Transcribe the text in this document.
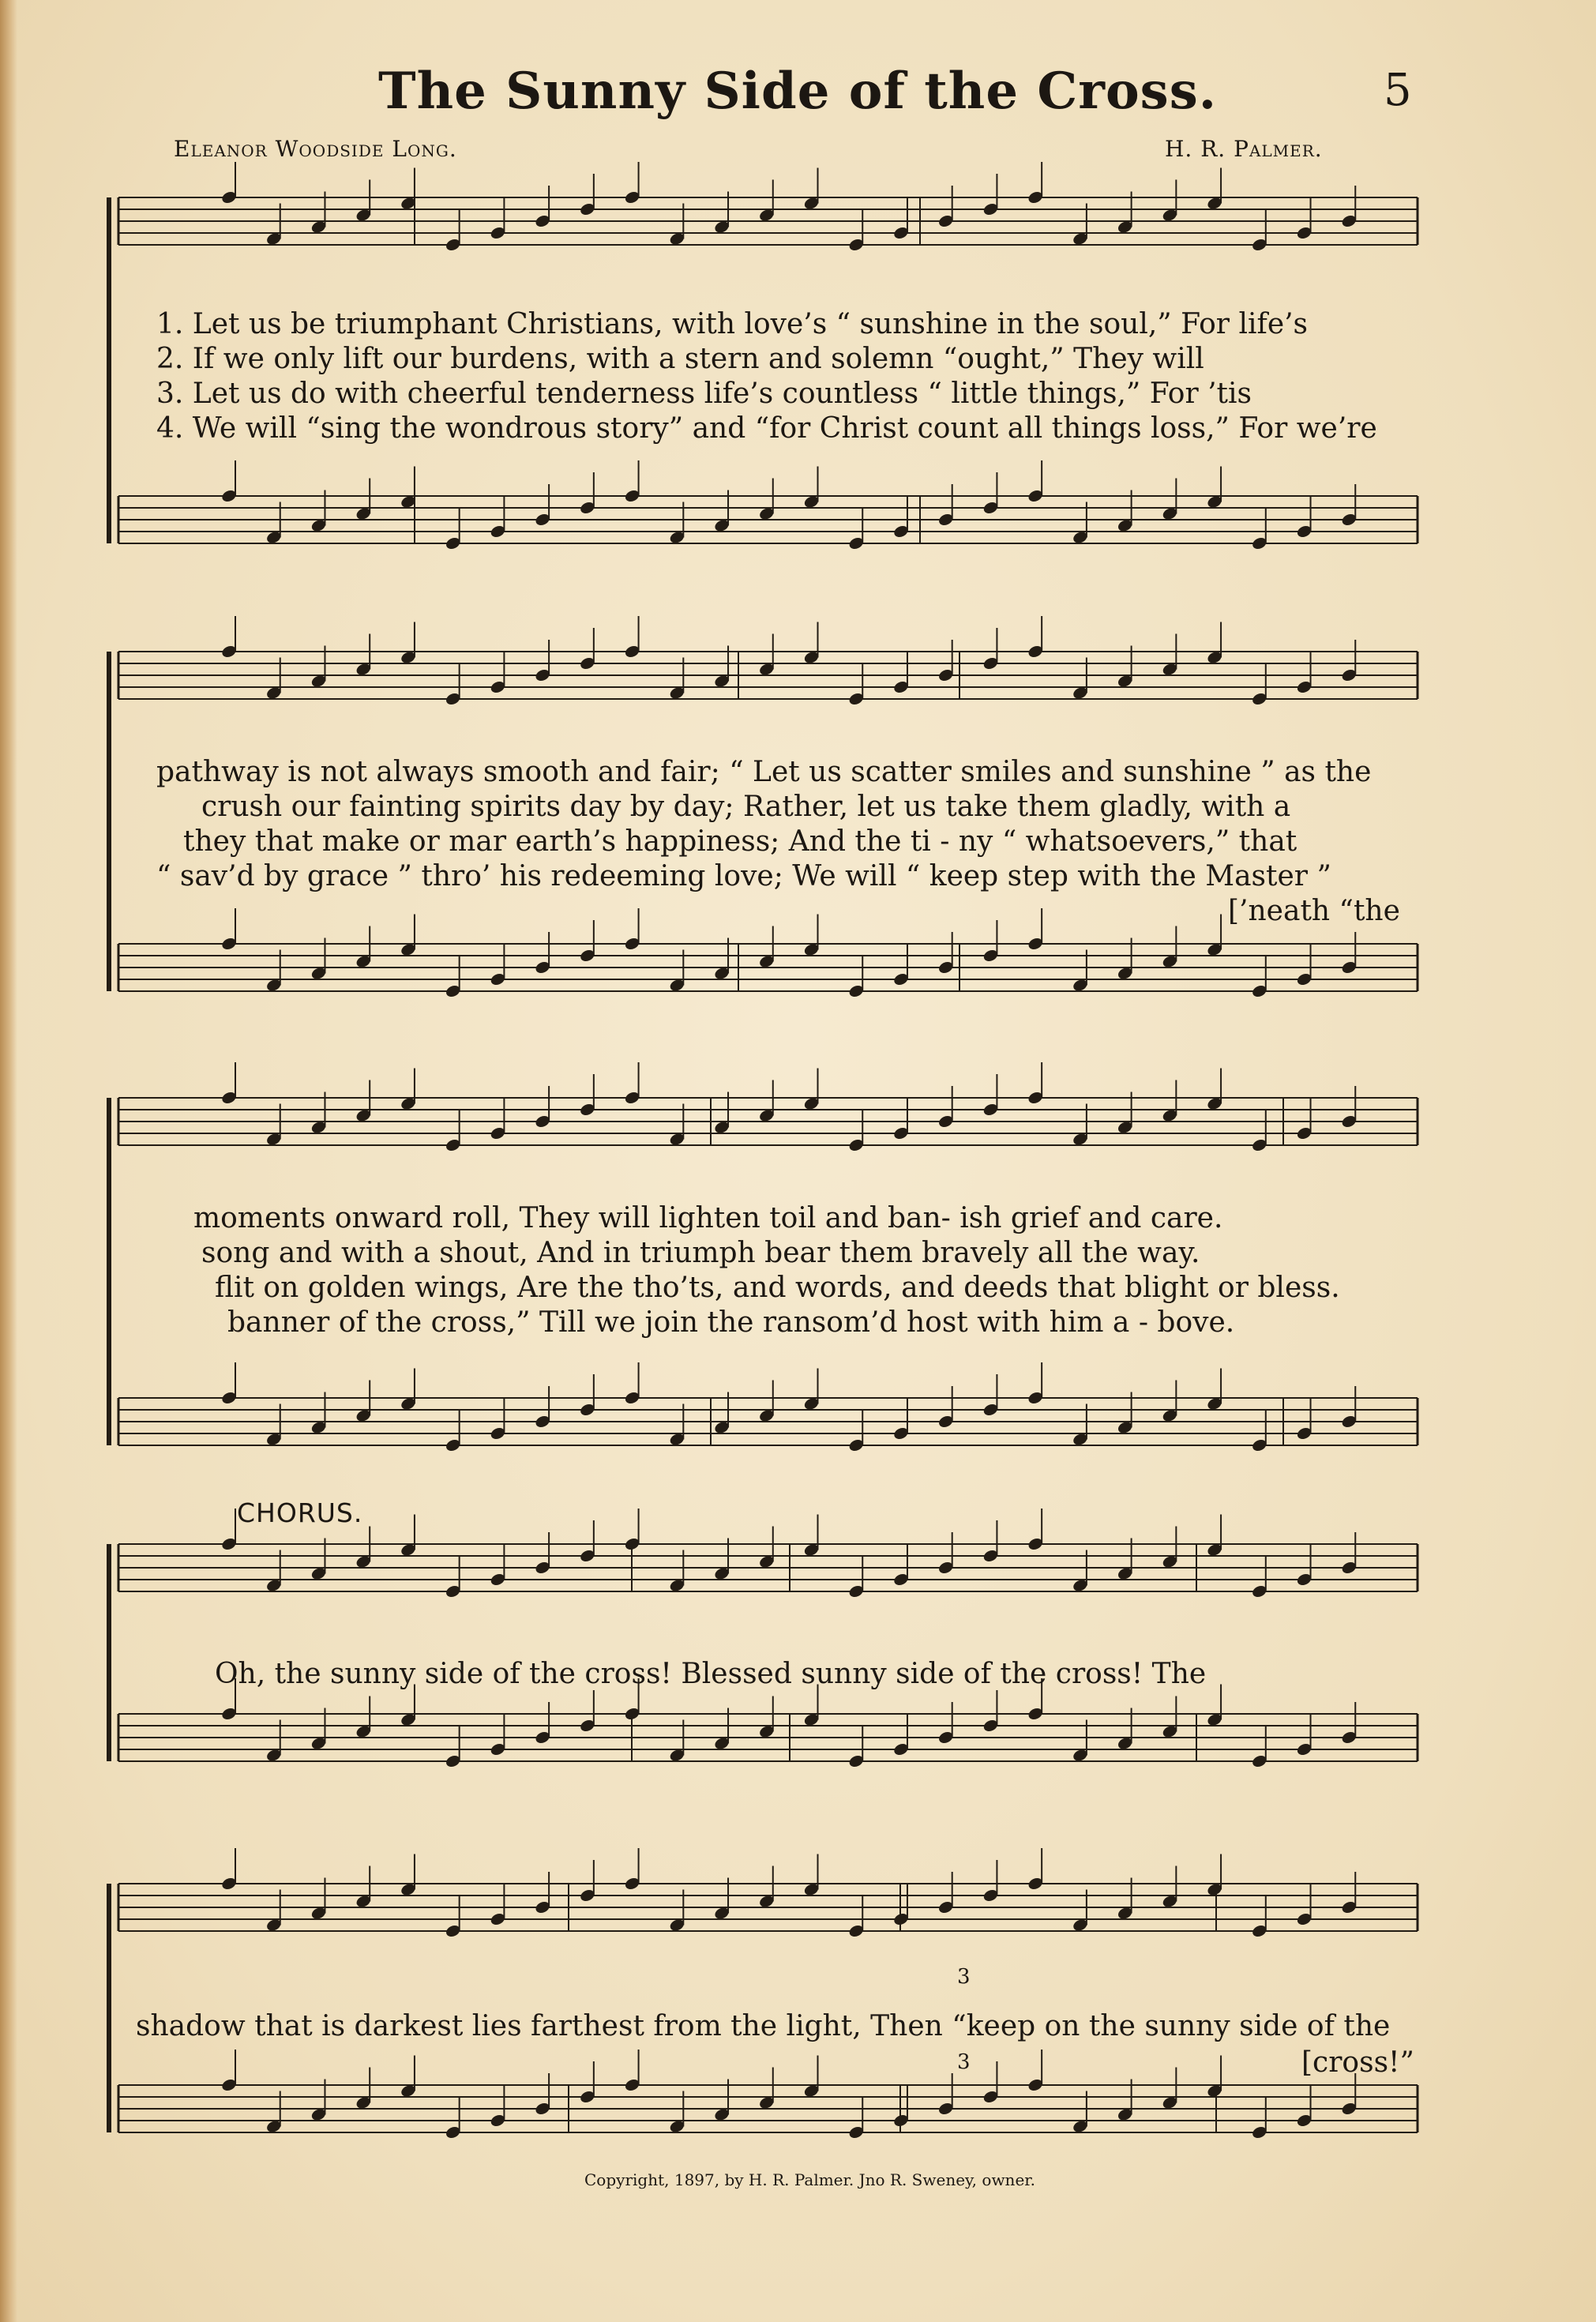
The Sunny Side of the Cross.	5
Eleanor Woodside Long.	H. R. Palmer.
1. Let us be triumphant Christians, with love’s “ sunshine in the soul,” For life’s
2. If we only lift our burdens, with a stern and solemn “ought,” They will
3. Let us do with cheerful tenderness life’s countless “ little things,” For ’tis
4. We will “sing the wondrous story” and “for Christ count all things loss,” For we’re
pathway is not always smooth and fair; “ Let us scatter smiles and sunshine ” as the
crush our fainting spirits day by day; Rather, let us take them gladly, with a
they that make or mar earth’s happiness; And the ti - ny “ whatsoevers,” that
“ sav’d by grace ” thro’ his redeeming love; We will “ keep step with the Master ”
[’neath “the
moments onward roll, They will lighten toil and ban- ish grief and care.
song and with a shout, And in triumph bear them bravely all the way.
flit on golden wings, Are the tho’ts, and words, and deeds that blight or bless.
banner of the cross,” Till we join the ransom’d host with him a - bove.
CHORUS.
Oh, the sunny side of the cross! Blessed sunny side of the cross! The
shadow that is darkest lies farthest from the light, Then “keep on the sunny side of the
[cross!”
3
3
Copyright, 1897, by H. R. Palmer. Jno R. Sweney, owner.
